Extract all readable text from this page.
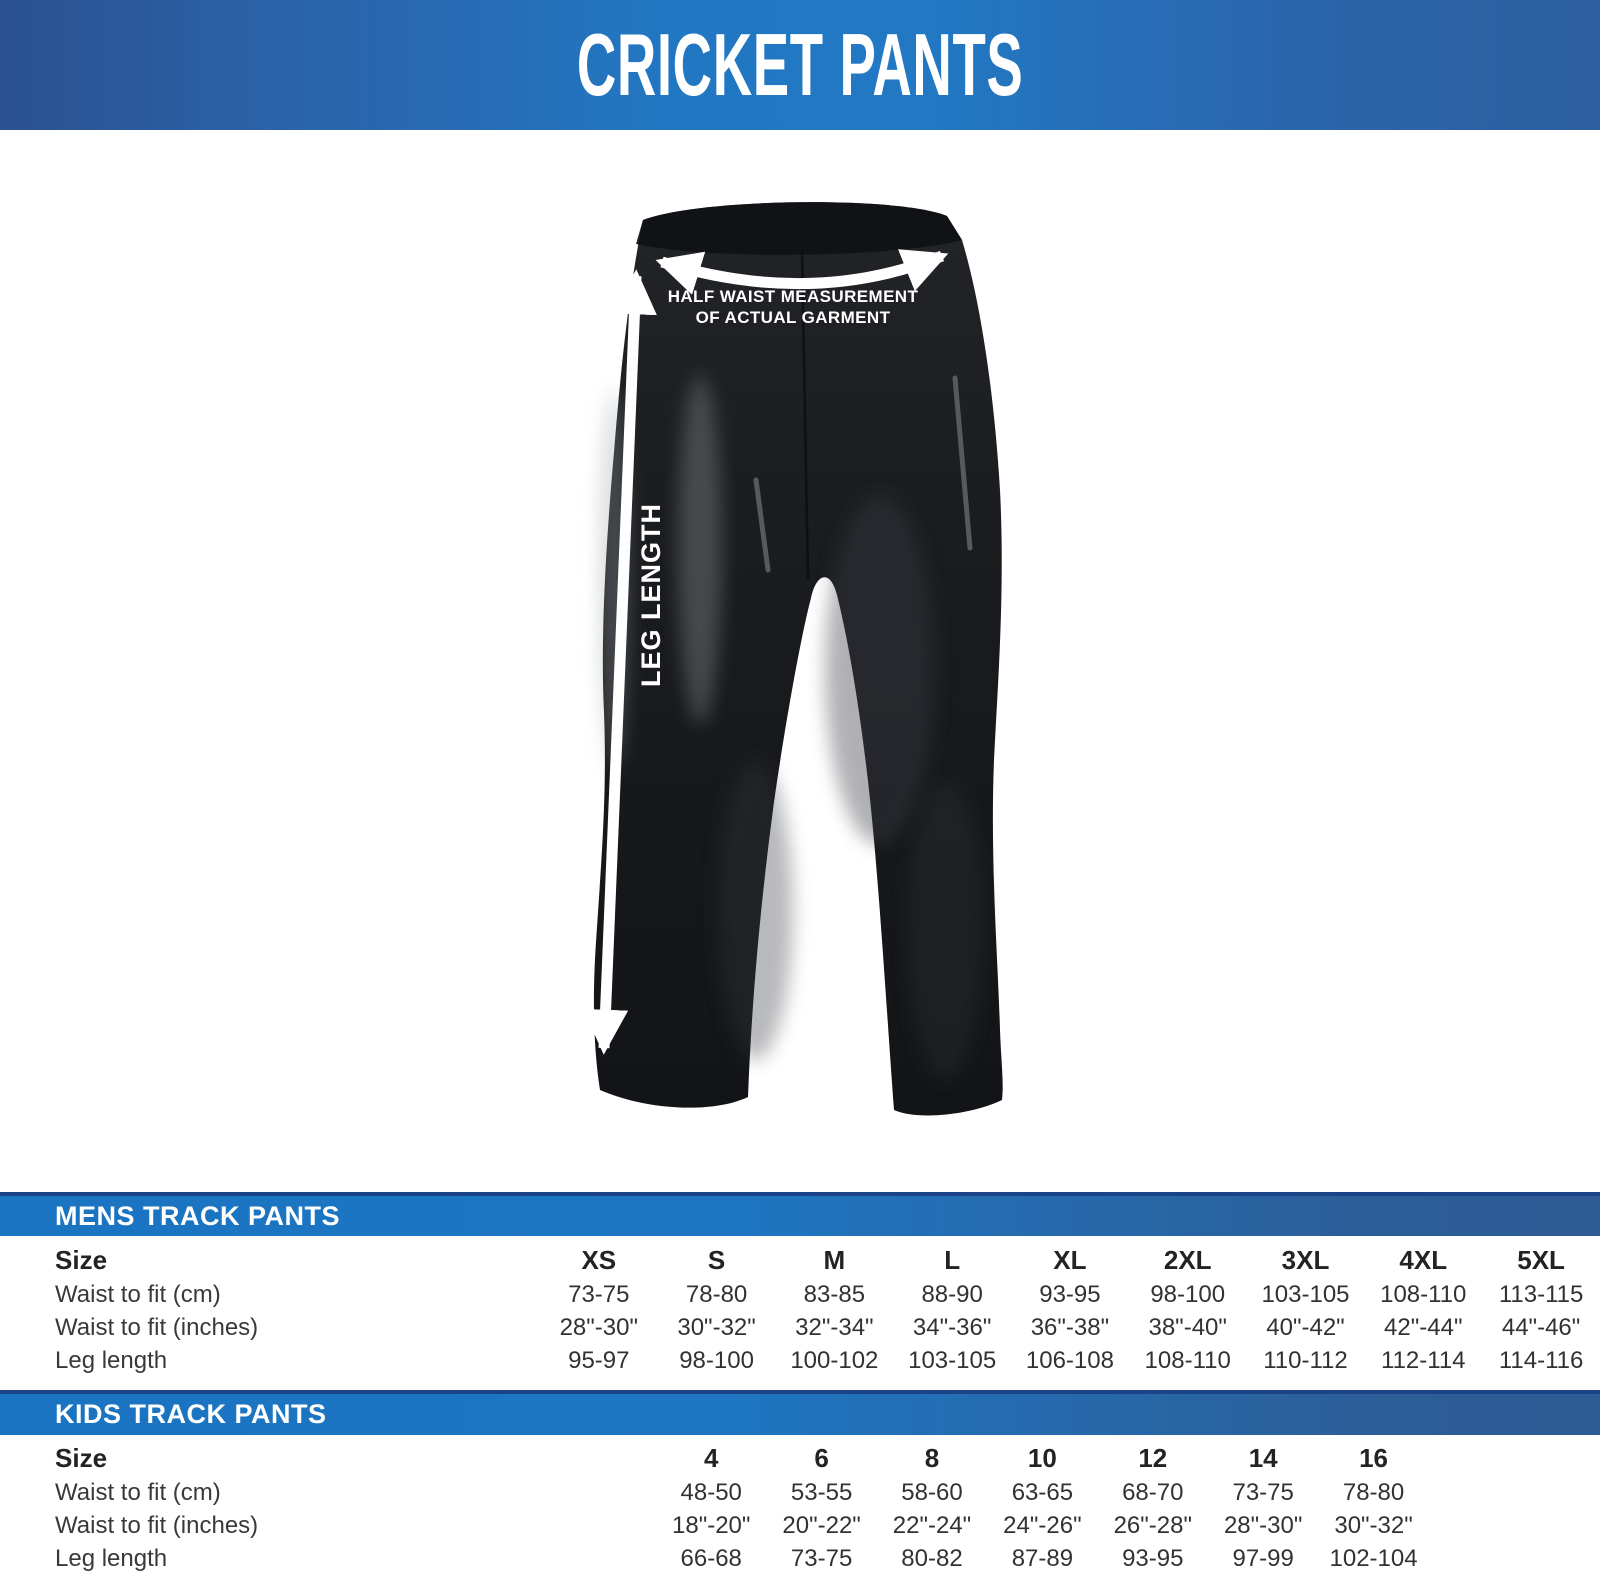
CRICKET PANTS
HALF WAIST MEASUREMENT
OF ACTUAL GARMENT
LEG LENGTH
MENS TRACK PANTS
Size	XS	S	M	L	XL	2XL	3XL	4XL	5XL
Waist to fit (cm)	73-75	78-80	83-85	88-90	93-95	98-100	103-105	108-110	113-115
Waist to fit (inches)	28"-30"	30"-32"	32"-34"	34"-36"	36"-38"	38"-40"	40"-42"	42"-44"	44"-46"
Leg length	95-97	98-100	100-102	103-105	106-108	108-110	110-112	112-114	114-116
KIDS TRACK PANTS
Size	4	6	8	10	12	14	16	
Waist to fit (cm)	48-50	53-55	58-60	63-65	68-70	73-75	78-80	
Waist to fit (inches)	18"-20"	20"-22"	22"-24"	24"-26"	26"-28"	28"-30"	30"-32"	
Leg length	66-68	73-75	80-82	87-89	93-95	97-99	102-104	
